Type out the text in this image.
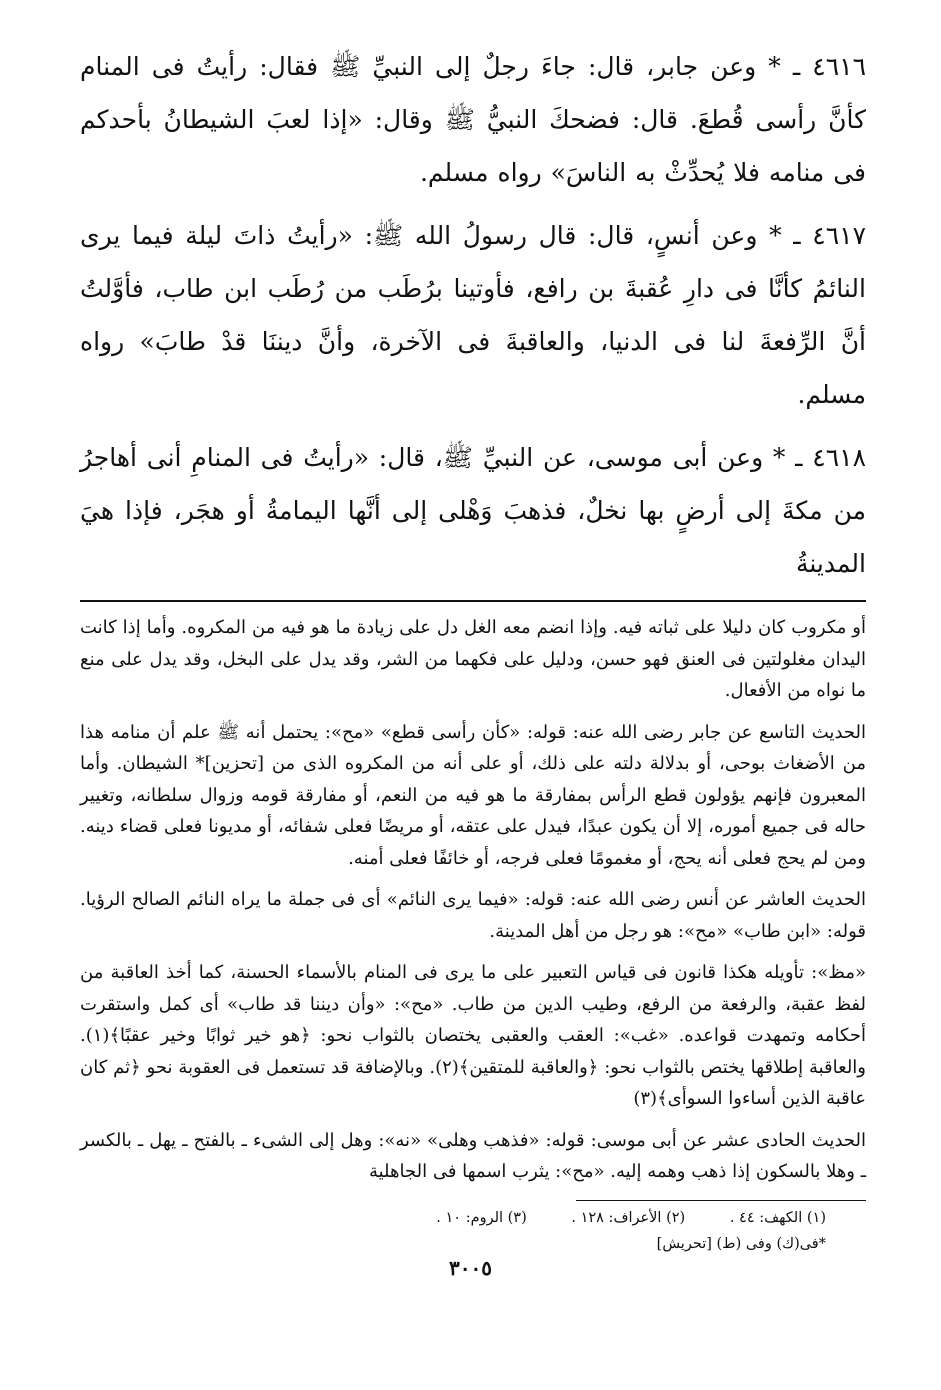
٤٦١٦ ـ * وعن جابر، قال: جاءَ رجلٌ إلى النبيِّ ﷺ فقال: رأيتُ فى المنام كأنَّ رأسى قُطعَ. قال: فضحكَ النبيُّ ﷺ وقال: «إذا لعبَ الشيطانُ بأحدكم فى منامه فلا يُحدِّثْ به الناسَ» رواه مسلم.

٤٦١٧ ـ * وعن أنسٍ، قال: قال رسولُ الله ﷺ: «رأيتُ ذاتَ ليلة فيما يرى النائمُ كأنَّا فى دارِ عُقبةَ بن رافع، فأوتينا برُطَب من رُطَب ابن طاب، فأوَّلتُ أنَّ الرِّفعةَ لنا فى الدنيا، والعاقبةَ فى الآخرة، وأنَّ ديننَا قدْ طابَ» رواه مسلم.

٤٦١٨ ـ * وعن أبى موسى، عن النبيِّ ﷺ، قال: «رأيتُ فى المنامِ أنى أهاجرُ من مكةَ إلى أرضٍ بها نخلٌ، فذهبَ وَهْلى إلى أنَّها اليمامةُ أو هجَر، فإذا هيَ المدينةُ

أو مكروب كان دليلا على ثباته فيه. وإذا انضم معه الغل دل على زيادة ما هو فيه من المكروه. وأما إذا كانت اليدان مغلولتين فى العنق فهو حسن، ودليل على فكهما من الشر، وقد يدل على البخل، وقد يدل على منع ما نواه من الأفعال.

الحديث التاسع عن جابر رضى الله عنه: قوله: «كأن رأسى قطع» «مح»: يحتمل أنه ﷺ علم أن منامه هذا من الأضغاث بوحى، أو بدلالة دلته على ذلك، أو على أنه من المكروه الذى من [تحزين]* الشيطان. وأما المعبرون فإنهم يؤولون قطع الرأس بمفارقة ما هو فيه من النعم، أو مفارقة قومه وزوال سلطانه، وتغيير حاله فى جميع أموره، إلا أن يكون عبدًا، فيدل على عتقه، أو مريضًا فعلى شفائه، أو مديونا فعلى قضاء دينه. ومن لم يحج فعلى أنه يحج، أو مغمومًا فعلى فرجه، أو خائفًا فعلى أمنه.

الحديث العاشر عن أنس رضى الله عنه: قوله: «فيما يرى النائم» أى فى جملة ما يراه النائم الصالح الرؤيا. قوله: «ابن طاب» «مح»: هو رجل من أهل المدينة.

«مظ»: تأويله هكذا قانون فى قياس التعبير على ما يرى فى المنام بالأسماء الحسنة، كما أخذ العاقبة من لفظ عقبة، والرفعة من الرفع، وطيب الدين من طاب. «مح»: «وأن ديننا قد طاب» أى كمل واستقرت أحكامه وتمهدت قواعده. «غب»: العقب والعقبى يختصان بالثواب نحو: ﴿هو خير ثوابًا وخير عقبًا﴾(١). والعاقبة إطلاقها يختص بالثواب نحو: ﴿والعاقبة للمتقين﴾(٢). وبالإضافة قد تستعمل فى العقوبة نحو ﴿ثم كان عاقبة الذين أساءوا السوأى﴾(٣)

الحديث الحادى عشر عن أبى موسى: قوله: «فذهب وهلى» «نه»: وهل إلى الشىء ـ بالفتح ـ يهل ـ بالكسر ـ وهلا بالسكون إذا ذهب وهمه إليه. «مح»: يثرب اسمها فى الجاهلية

(١) الكهف: ٤٤ . (٢) الأعراف: ١٢٨ . (٣) الروم: ١٠ .
*فى(ك) وفى (ط) [تحريش]
٣٠٠٥
